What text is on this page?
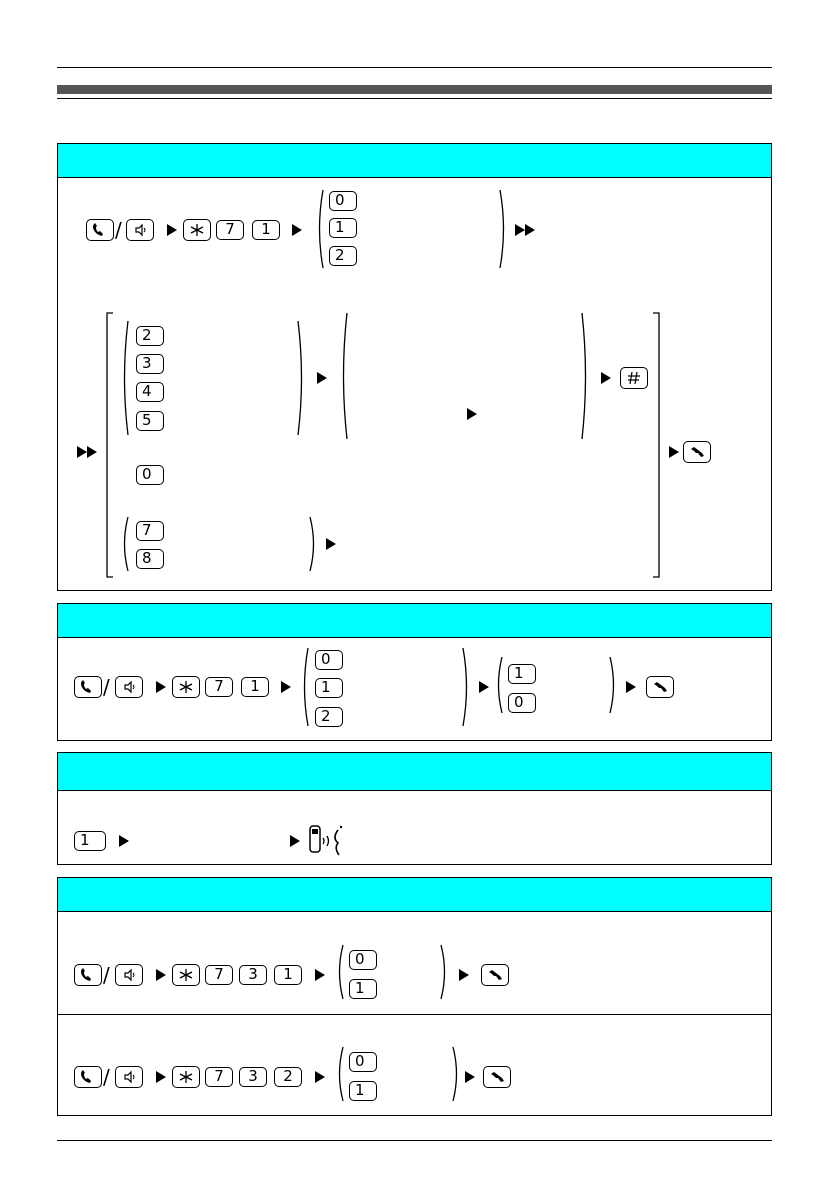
/	7	1
0
1
2
2
3
4
5
0
7
8
/	7	1
0
1
2
1
0
1
/	7	3	1
0
1
/	7	3	2
0
1
